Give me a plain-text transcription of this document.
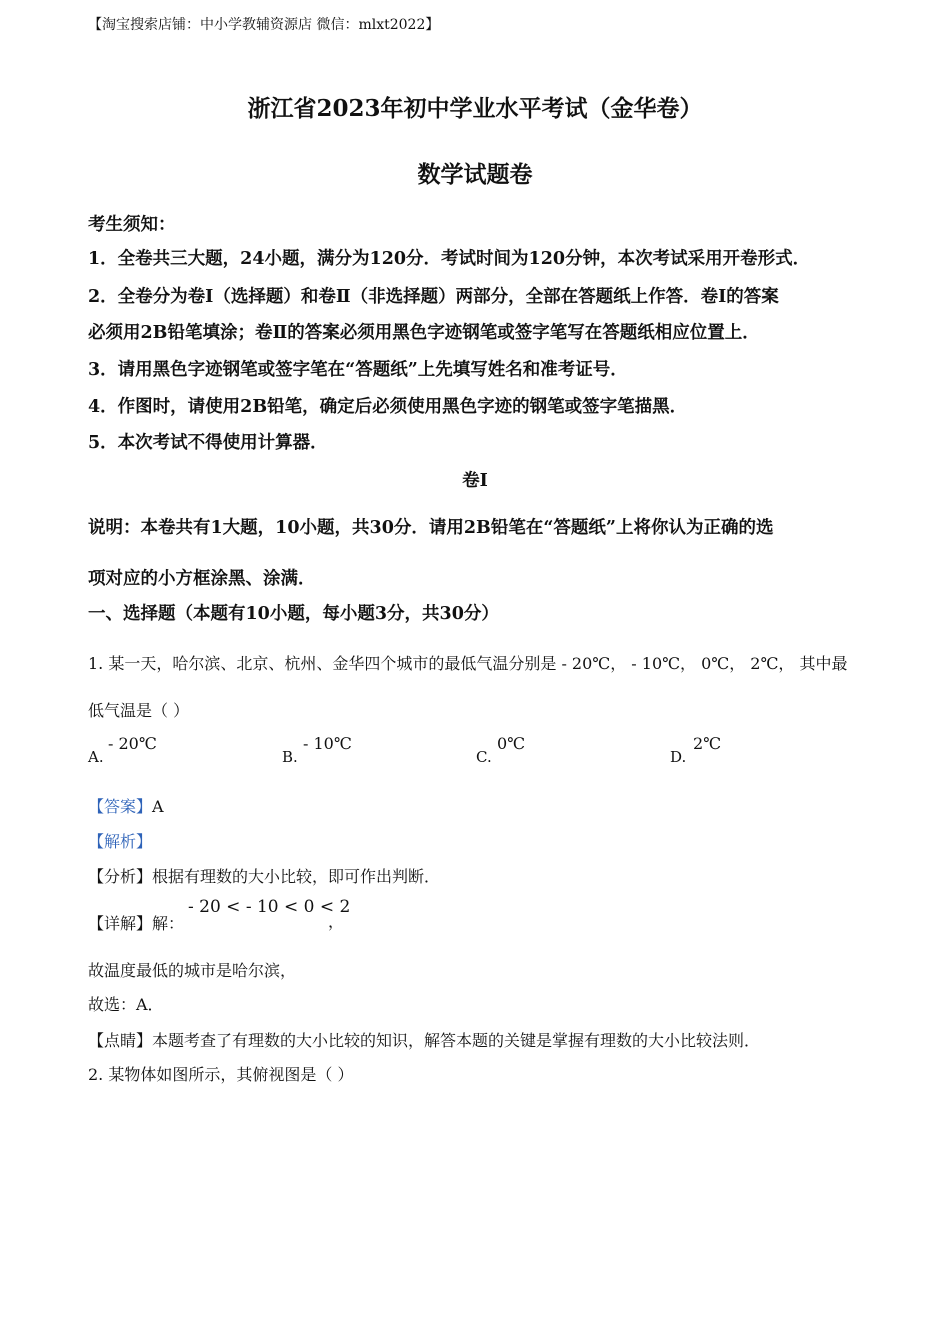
【淘宝搜索店铺：中小学教辅资源店 微信：mlxt2022】
浙江省2023年初中学业水平考试（金华卷）
数学试题卷
考生须知：
1．全卷共三大题，24小题，满分为120分．考试时间为120分钟，本次考试采用开卷形式．
2．全卷分为卷Ⅰ（选择题）和卷Ⅱ（非选择题）两部分，全部在答题纸上作答．卷Ⅰ的答案
必须用2B铅笔填涂；卷Ⅱ的答案必须用黑色字迹钢笔或签字笔写在答题纸相应位置上．
3．请用黑色字迹钢笔或签字笔在“答题纸”上先填写姓名和准考证号．
4．作图时，请使用2B铅笔，确定后必须使用黑色字迹的钢笔或签字笔描黑．
5．本次考试不得使用计算器．
卷Ⅰ
说明：本卷共有1大题，10小题，共30分．请用2B铅笔在“答题纸”上将你认为正确的选
项对应的小方框涂黑、涂满．
一、选择题（本题有10小题，每小题3分，共30分）
1. 某一天，哈尔滨、北京、杭州、金华四个城市的最低气温分别是 - 20℃， - 10℃， 0℃， 2℃， 其中最
低气温是（ ）
A.
- 20℃
B.
- 10℃
C.
0℃
D.
2℃
【答案】A
【解析】
【分析】根据有理数的大小比较，即可作出判断．
【详解】解：
- 20 < - 10 < 0 < 2
，
故温度最低的城市是哈尔滨，
故选：A．
【点睛】本题考查了有理数的大小比较的知识，解答本题的关键是掌握有理数的大小比较法则．
2. 某物体如图所示，其俯视图是（ ）
